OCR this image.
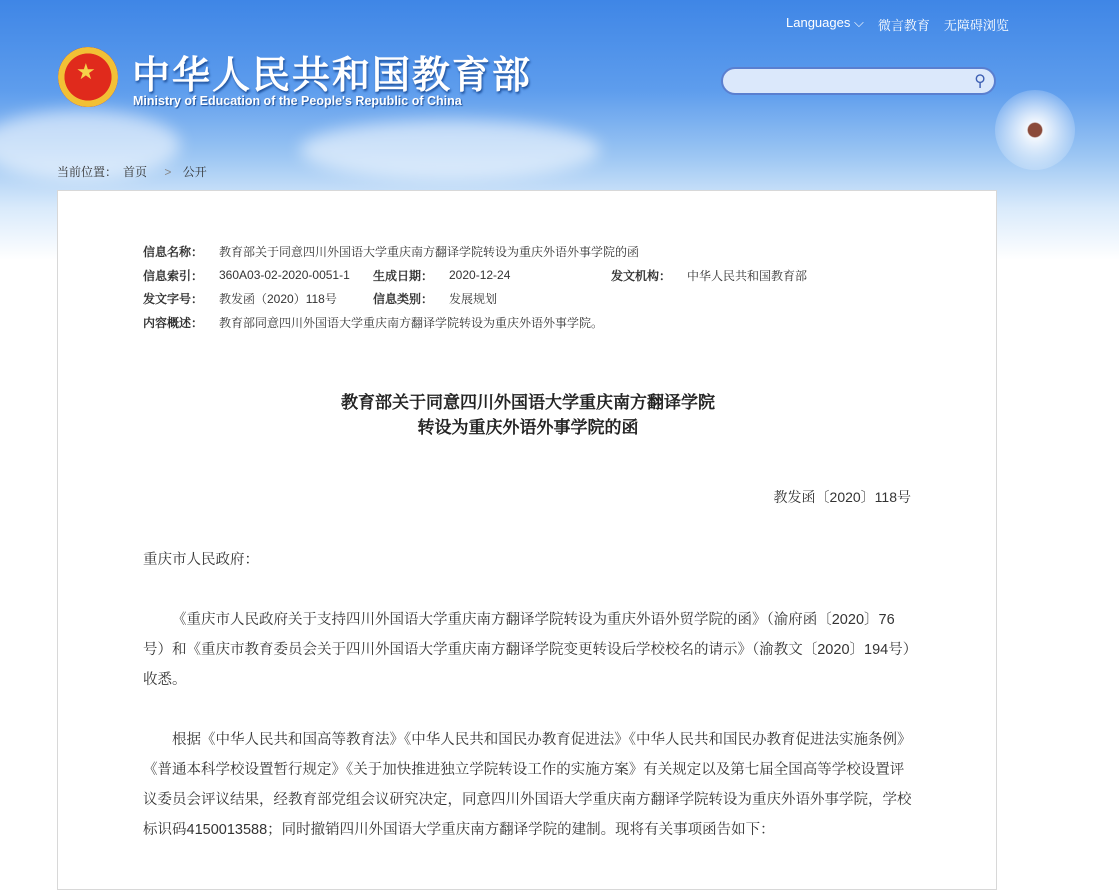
★ 中华人民共和国教育部
Ministry of Education of the People's Republic of China
Languages ⌵ 微言教育 无障碍浏览
⚲
当前位置： 首页 > 公开
信息名称：	教育部关于同意四川外国语大学重庆南方翻译学院转设为重庆外语外事学院的函
信息索引：	360A03-02-2020-0051-1	生成日期：	2020-12-24	发文机构：	中华人民共和国教育部
发文字号：	教发函（2020）118号	信息类别：	发展规划
内容概述：	教育部同意四川外国语大学重庆南方翻译学院转设为重庆外语外事学院。
教育部关于同意四川外国语大学重庆南方翻译学院
转设为重庆外语外事学院的函
教发函〔2020〕118号

重庆市人民政府：

《重庆市人民政府关于支持四川外国语大学重庆南方翻译学院转设为重庆外语外贸学院的函》（渝府函〔2020〕76号）和《重庆市教育委员会关于四川外国语大学重庆南方翻译学院变更转设后学校校名的请示》（渝教文〔2020〕194号）收悉。

根据《中华人民共和国高等教育法》《中华人民共和国民办教育促进法》《中华人民共和国民办教育促进法实施条例》《普通本科学校设置暂行规定》《关于加快推进独立学院转设工作的实施方案》有关规定以及第七届全国高等学校设置评议委员会评议结果，经教育部党组会议研究决定，同意四川外国语大学重庆南方翻译学院转设为重庆外语外事学院，学校标识码4150013588；同时撤销四川外国语大学重庆南方翻译学院的建制。现将有关事项函告如下：
